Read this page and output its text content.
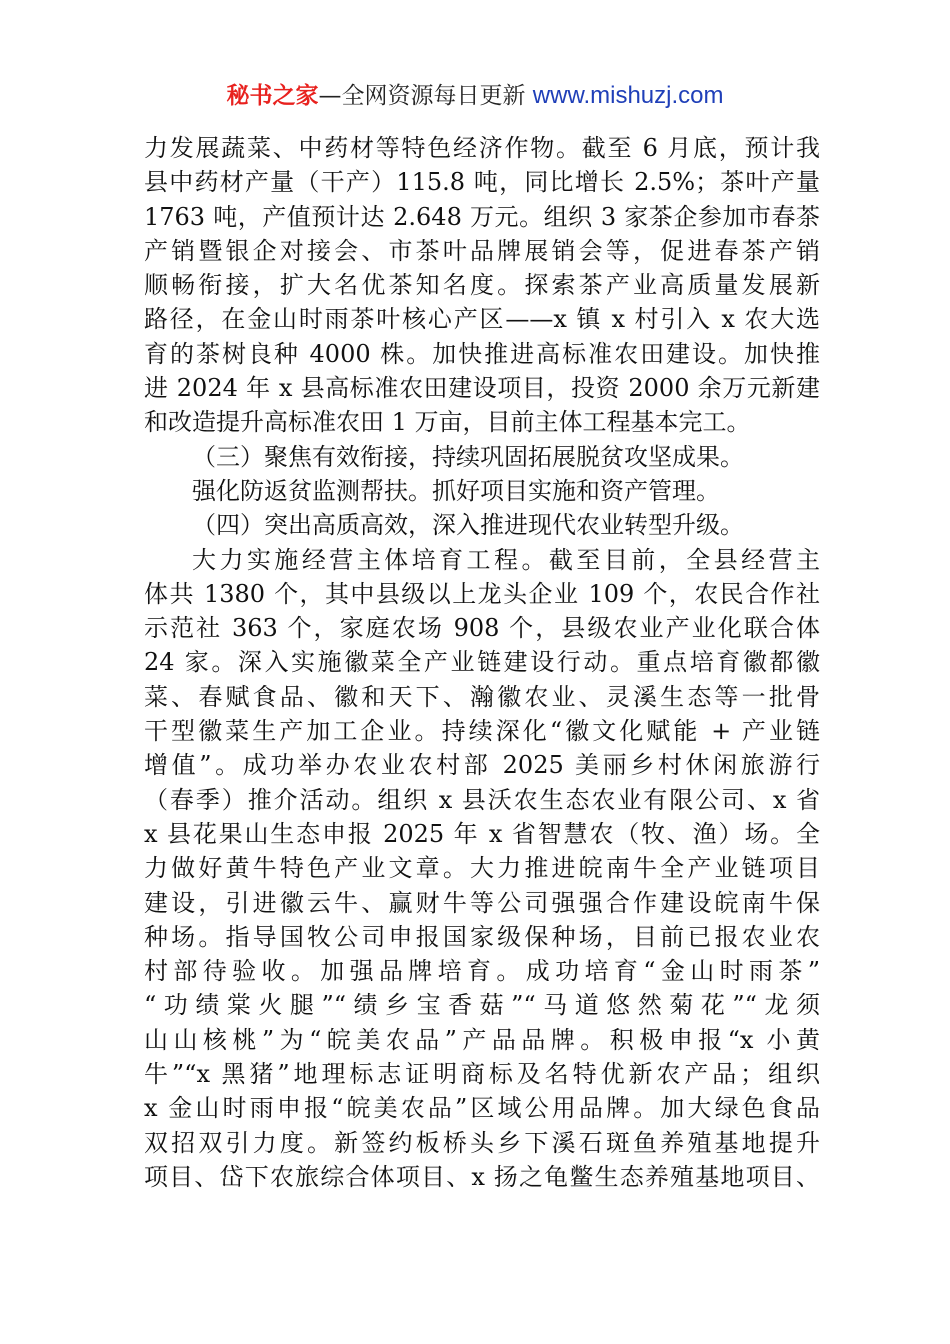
秘书之家—全网资源每日更新 www.mishuzj.com
力发展蔬菜、中药材等特色经济作物。截至 6 月底，预计我
县中药材产量（干产）115.8 吨，同比增长 2.5%；茶叶产量
1763 吨，产值预计达 2.648 万元。组织 3 家茶企参加市春茶
产销暨银企对接会、市茶叶品牌展销会等，促进春茶产销
顺畅衔接，扩大名优茶知名度。探索茶产业高质量发展新
路径，在金山时雨茶叶核心产区——x 镇 x 村引入 x 农大选
育的茶树良种 4000 株。加快推进高标准农田建设。加快推
进 2024 年 x 县高标准农田建设项目，投资 2000 余万元新建
和改造提升高标准农田 1 万亩，目前主体工程基本完工。
（三）聚焦有效衔接，持续巩固拓展脱贫攻坚成果。
强化防返贫监测帮扶。抓好项目实施和资产管理。
（四）突出高质高效，深入推进现代农业转型升级。
大力实施经营主体培育工程。截至目前，全县经营主
体共 1380 个，其中县级以上龙头企业 109 个，农民合作社
示范社 363 个，家庭农场 908 个，县级农业产业化联合体
24 家。深入实施徽菜全产业链建设行动。重点培育徽都徽
菜、春赋食品、徽和天下、瀚徽农业、灵溪生态等一批骨
干型徽菜生产加工企业。持续深化“徽文化赋能 + 产业链
增值”。成功举办农业农村部 2025 美丽乡村休闲旅游行
（春季）推介活动。组织 x 县沃农生态农业有限公司、x 省
x 县花果山生态申报 2025 年 x 省智慧农（牧、渔）场。全
力做好黄牛特色产业文章。大力推进皖南牛全产业链项目
建设，引进徽云牛、赢财牛等公司强强合作建设皖南牛保
种场。指导国牧公司申报国家级保种场，目前已报农业农
村部待验收。加强品牌培育。成功培育“金山时雨茶”
“功绩棠火腿”“绩乡宝香菇”“马道悠然菊花”“龙须
山山核桃”为“皖美农品”产品品牌。积极申报“x 小黄
牛”“x 黑猪”地理标志证明商标及名特优新农产品；组织
x 金山时雨申报“皖美农品”区域公用品牌。加大绿色食品
双招双引力度。新签约板桥头乡下溪石斑鱼养殖基地提升
项目、岱下农旅综合体项目、x 扬之龟鳖生态养殖基地项目、
